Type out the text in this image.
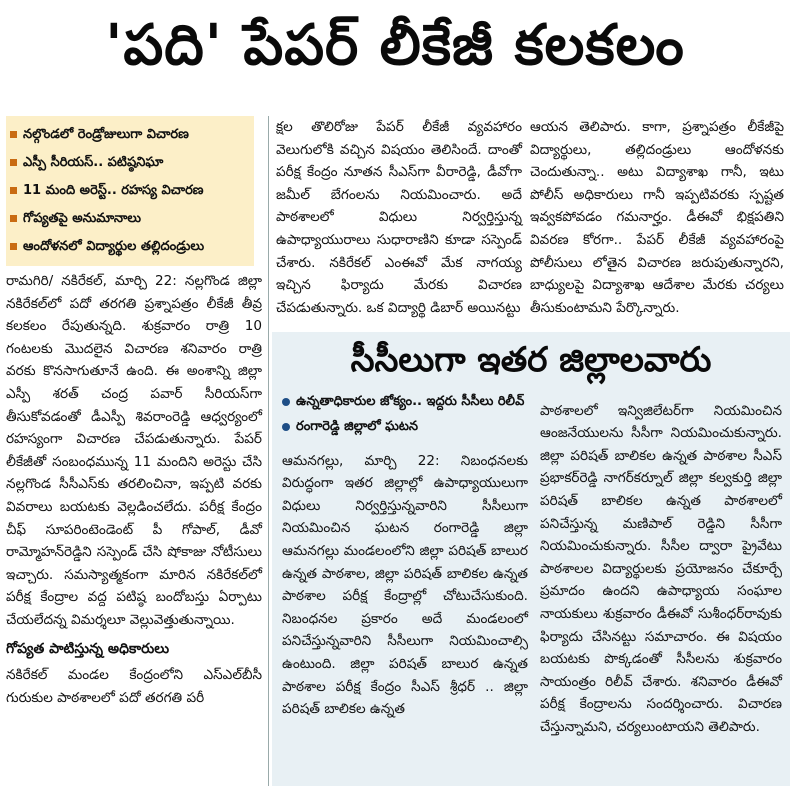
'పది' పేపర్ లీకేజీ కలకలం
నల్గొండలో రెండ్రోజులుగా విచారణ
ఎస్పీ సీరియస్.. పటిష్ఠనిఘా
11 మంది అరెస్ట్.. రహస్య విచారణ
గోప్యతపై అనుమానాలు
ఆందోళనలో విద్యార్థుల తల్లిదండ్రులు

రామగిరి/ నకిరేకల్, మార్చి 22: నల్లగొండ జిల్లా నకిరేకల్‌లో పదో తరగతి ప్రశ్నాపత్రం లీకేజీ తీవ్ర కలకలం రేపుతున్నది. శుక్రవారం రాత్రి 10 గంటలకు మొదలైన విచారణ శనివారం రాత్రి వరకు కొనసాగుతూనే ఉంది. ఈ అంశాన్ని జిల్లా ఎస్పీ శరత్ చంద్ర పవార్ సీరియస్‌గా తీసుకోవడంతో డీఎస్పీ శివరాంరెడ్డి ఆధ్వర్యంలో రహస్యంగా విచారణ చేపడుతున్నారు. పేపర్ లీకేజీతో సంబంధమున్న 11 మందిని అరెస్టు చేసి నల్లగొండ సీసీఎస్‌కు తరలించినా, ఇప్పటి వరకు వివరాలు బయటకు వెల్లడించలేదు. పరీక్ష కేంద్రం చీఫ్ సూపరింటెండెంట్ పీ గోపాల్, డీవో రామ్మోహన్‌రెడ్డిని సస్పెండ్ చేసి షోకాజు నోటీసులు ఇచ్చారు. సమస్యాత్మకంగా మారిన నకిరేకల్‌లో పరీక్ష కేంద్రాల వద్ద పటిష్ఠ బందోబస్తు ఏర్పాటు చేయలేదన్న విమర్శలూ వెల్లువెత్తుతున్నాయి.

గోప్యత పాటిస్తున్న అధికారులు

నకిరేకల్ మండల కేంద్రంలోని ఎస్‌ఎల్‌బీసీ గురుకుల పాఠశాలలో పదో తరగతి పరీ

క్షల తొలిరోజు పేపర్ లీకేజీ వ్యవహారం వెలుగులోకి వచ్చిన విషయం తెలిసిందే. దాంతో పరీక్ష కేంద్రం నూతన సీఎస్‌గా వీరారెడ్డి, డీవోగా జమీల్ బేగంలను నియమించారు. అదే పాఠశాలలో విధులు నిర్వర్తిస్తున్న ఉపాధ్యాయురాలు సుధారాణిని కూడా సస్పెండ్ చేశారు. నకిరేకల్ ఎంఈవో మేక నాగయ్య ఇచ్చిన ఫిర్యాదు మేరకు విచారణ చేపడుతున్నారు. ఒక విద్యార్థి డిబార్ అయినట్టు

ఆయన తెలిపారు. కాగా, ప్రశ్నాపత్రం లీకేజీపై విద్యార్థులు, తల్లిదండ్రులు ఆందోళనకు చెందుతున్నా.. అటు విద్యాశాఖ గానీ, ఇటు పోలీస్ అధికారులు గానీ ఇప్పటివరకు స్పష్టత ఇవ్వకపోవడం గమనార్హం. డీఈవో భిక్షపతిని వివరణ కోరగా.. పేపర్ లీకేజీ వ్యవహారంపై పోలీసులు లోతైన విచారణ జరుపుతున్నారని, బాధ్యులపై విద్యాశాఖ ఆదేశాల మేరకు చర్యలు తీసుకుంటామని పేర్కొన్నారు.

సీసీలుగా ఇతర జిల్లాలవారు

ఉన్నతాధికారుల జోక్యం.. ఇద్దరు సీసీలు రిలీవ్

రంగారెడ్డి జిల్లాలో ఘటన

ఆమనగల్లు, మార్చి 22: నిబంధనలకు విరుద్ధంగా ఇతర జిల్లాల్లో ఉపాధ్యాయులుగా విధులు నిర్వర్తిస్తున్నవారిని సీసీలుగా నియమించిన ఘటన రంగారెడ్డి జిల్లా ఆమనగల్లు మండలంలోని జిల్లా పరిషత్ బాలుర ఉన్నత పాఠశాల, జిల్లా పరిషత్ బాలికల ఉన్నత పాఠశాల పరీక్ష కేంద్రాల్లో చోటుచేసుకుంది. నిబంధనల ప్రకారం అదే మండలంలో పనిచేస్తున్నవారిని సీసీలుగా నియమించాల్సి ఉంటుంది. జిల్లా పరిషత్ బాలుర ఉన్నత పాఠశాల పరీక్ష కేంద్రం సీఎస్ శ్రీధర్ .. జిల్లా పరిషత్ బాలికల ఉన్నత

పాఠశాలలో ఇన్విజిలేటర్‌గా నియమించిన ఆంజనేయులను సీసీగా నియమించుకున్నారు. జిల్లా పరిషత్ బాలికల ఉన్నత పాఠశాల సీఎస్ ప్రభాకర్‌రెడ్డి నాగర్‌కర్నూల్ జిల్లా కల్వకుర్తి జిల్లా పరిషత్ బాలికల ఉన్నత పాఠశాలలో పనిచేస్తున్న మణిపాల్ రెడ్డిని సీసీగా నియమించుకున్నారు. సీసీల ద్వారా ప్రైవేటు పాఠశాలల విద్యార్థులకు ప్రయోజనం చేకూర్చే ప్రమాదం ఉందని ఉపాధ్యాయ సంఘాల నాయకులు శుక్రవారం డీఈవో సుశీంధర్‌రావుకు ఫిర్యాదు చేసినట్టు సమాచారం. ఈ విషయం బయటకు పొక్కడంతో సీసీలను శుక్రవారం సాయంత్రం రిలీవ్ చేశారు. శనివారం డీఈవో పరీక్ష కేంద్రాలను సందర్శించారు. విచారణ చేస్తున్నామని, చర్యలుంటాయని తెలిపారు.
